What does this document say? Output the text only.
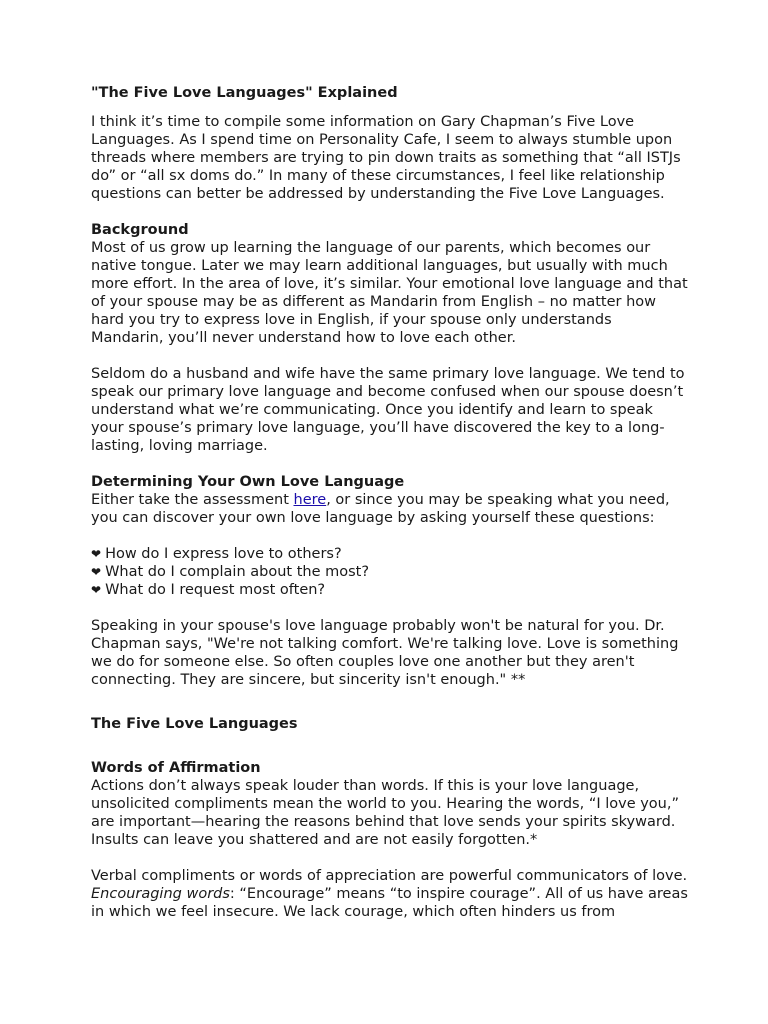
"The Five Love Languages" Explained

I think it’s time to compile some information on Gary Chapman’s Five Love Languages. As I spend time on Personality Cafe, I seem to always stumble upon threads where members are trying to pin down traits as something that “all ISTJs do” or “all sx doms do.” In many of these circumstances, I feel like relationship questions can better be addressed by understanding the Five Love Languages.

Background

Most of us grow up learning the language of our parents, which becomes our native tongue. Later we may learn additional languages, but usually with much more effort. In the area of love, it’s similar. Your emotional love language and that of your spouse may be as different as Mandarin from English – no matter how hard you try to express love in English, if your spouse only understands Mandarin, you’ll never understand how to love each other.

Seldom do a husband and wife have the same primary love language. We tend to speak our primary love language and become confused when our spouse doesn’t understand what we’re communicating. Once you identify and learn to speak your spouse’s primary love language, you’ll have discovered the key to a long-lasting, loving marriage.

Determining Your Own Love Language

Either take the assessment here, or since you may be speaking what you need, you can discover your own love language by asking yourself these questions:

❤ How do I express love to others?
❤ What do I complain about the most?
❤ What do I request most often?

Speaking in your spouse's love language probably won't be natural for you. Dr. Chapman says, "We're not talking comfort. We're talking love. Love is something we do for someone else. So often couples love one another but they aren't connecting. They are sincere, but sincerity isn't enough." **

The Five Love Languages

Words of Affirmation

Actions don’t always speak louder than words. If this is your love language, unsolicited compliments mean the world to you. Hearing the words, “I love you,” are important—hearing the reasons behind that love sends your spirits skyward. Insults can leave you shattered and are not easily forgotten.*

Verbal compliments or words of appreciation are powerful communicators of love. Encouraging words: “Encourage” means “to inspire courage”. All of us have areas in which we feel insecure. We lack courage, which often hinders us from
